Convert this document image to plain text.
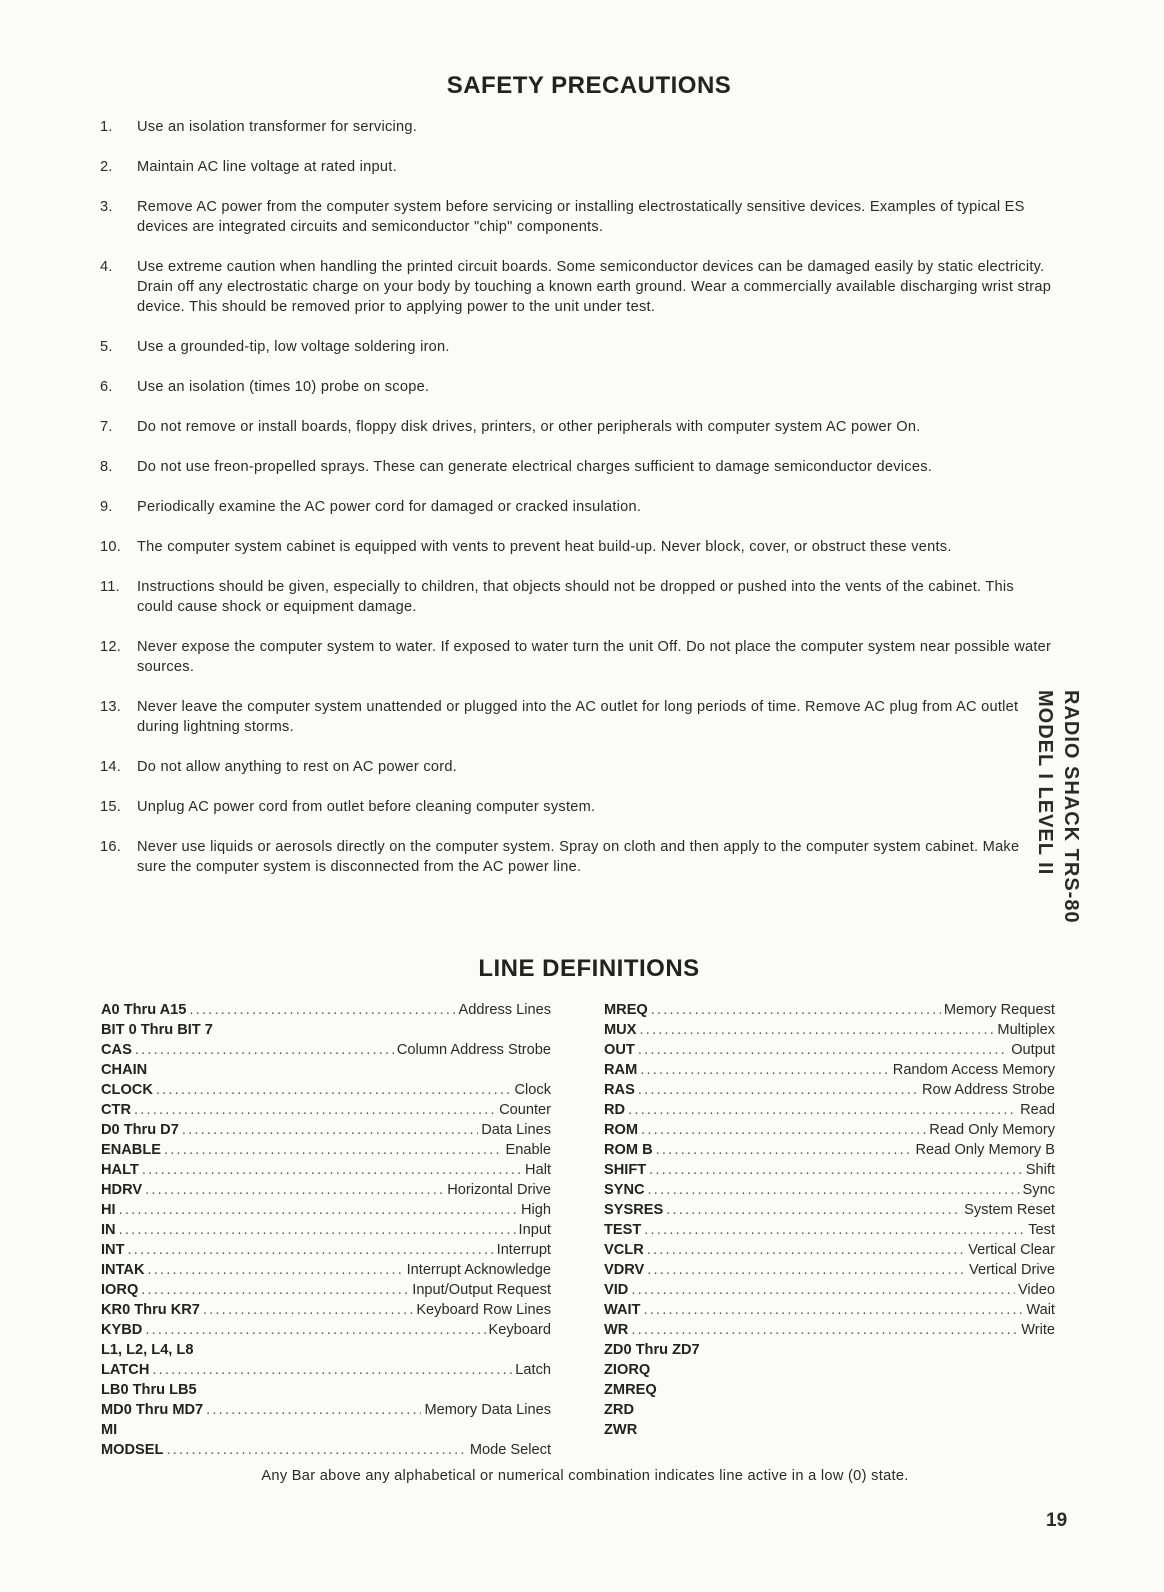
SAFETY PRECAUTIONS
1. Use an isolation transformer for servicing.
2. Maintain AC line voltage at rated input.
3. Remove AC power from the computer system before servicing or installing electrostatically sensitive devices. Examples of typical ES devices are integrated circuits and semiconductor "chip" components.
4. Use extreme caution when handling the printed circuit boards. Some semiconductor devices can be damaged easily by static electricity. Drain off any electrostatic charge on your body by touching a known earth ground. Wear a commercially available discharging wrist strap device. This should be removed prior to applying power to the unit under test.
5. Use a grounded-tip, low voltage soldering iron.
6. Use an isolation (times 10) probe on scope.
7. Do not remove or install boards, floppy disk drives, printers, or other peripherals with computer system AC power On.
8. Do not use freon-propelled sprays. These can generate electrical charges sufficient to damage semiconductor devices.
9. Periodically examine the AC power cord for damaged or cracked insulation.
10. The computer system cabinet is equipped with vents to prevent heat build-up. Never block, cover, or obstruct these vents.
11. Instructions should be given, especially to children, that objects should not be dropped or pushed into the vents of the cabinet. This could cause shock or equipment damage.
12. Never expose the computer system to water. If exposed to water turn the unit Off. Do not place the computer system near possible water sources.
13. Never leave the computer system unattended or plugged into the AC outlet for long periods of time. Remove AC plug from AC outlet during lightning storms.
14. Do not allow anything to rest on AC power cord.
15. Unplug AC power cord from outlet before cleaning computer system.
16. Never use liquids or aerosols directly on the computer system. Spray on cloth and then apply to the computer system cabinet. Make sure the computer system is disconnected from the AC power line.
LINE DEFINITIONS
A0 Thru A15 .....	Address Lines
BIT 0 Thru BIT 7
CAS .....	Column Address Strobe
CHAIN
CLOCK .....	Clock
CTR .....	Counter
D0 Thru D7 .....	Data Lines
ENABLE .....	Enable
HALT .....	Halt
HDRV .....	Horizontal Drive
HI .....	High
IN .....	Input
INT .....	Interrupt
INTAK .....	Interrupt Acknowledge
IORQ .....	Input/Output Request
KR0 Thru KR7 .....	Keyboard Row Lines
KYBD .....	Keyboard
L1, L2, L4, L8
LATCH .....	Latch
LB0 Thru LB5
MD0 Thru MD7 .....	Memory Data Lines
MI
MODSEL .....	Mode Select
MREQ .....	Memory Request
MUX .....	Multiplex
OUT .....	Output
RAM .....	Random Access Memory
RAS .....	Row Address Strobe
RD .....	Read
ROM .....	Read Only Memory
ROM B .....	Read Only Memory B
SHIFT .....	Shift
SYNC .....	Sync
SYSRES .....	System Reset
TEST .....	Test
VCLR .....	Vertical Clear
VDRV .....	Vertical Drive
VID .....	Video
WAIT .....	Wait
WR .....	Write
ZD0 Thru ZD7
ZIORQ
ZMREQ
ZRD
ZWR
Any Bar above any alphabetical or numerical combination indicates line active in a low (0) state.
19
RADIO SHACK TRS-80
MODEL I LEVEL II
